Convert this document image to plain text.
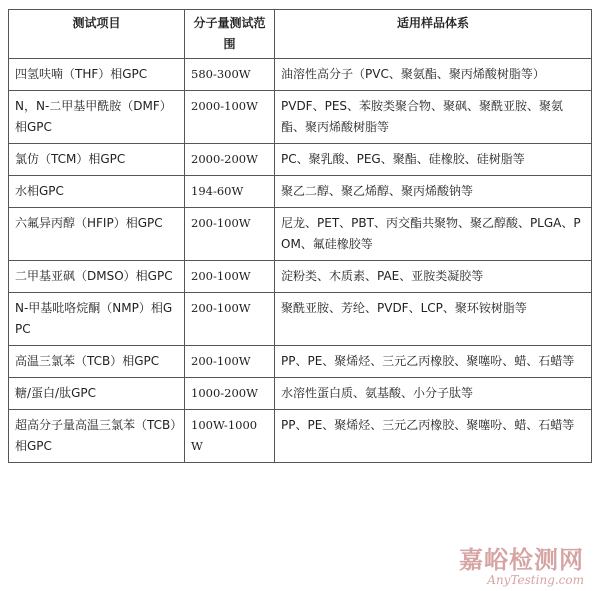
测试项目	分子量测试范围	适用样品体系
四氢呋喃（THF）相GPC	580-300W	油溶性高分子（PVC、聚氨酯、聚丙烯酸树脂等）
N，N-二甲基甲酰胺（DMF）相GPC	2000-100W	PVDF、PES、苯胺类聚合物、聚砜、聚酰亚胺、聚氨酯、聚丙烯酸树脂等
氯仿（TCM）相GPC	2000-200W	PC、聚乳酸、PEG、聚酯、硅橡胶、硅树脂等
水相GPC	194-60W	聚乙二醇、聚乙烯醇、聚丙烯酸钠等
六氟异丙醇（HFIP）相GPC	200-100W	尼龙、PET、PBT、丙交酯共聚物、聚乙醇酸、PLGA、POM、氟硅橡胶等
二甲基亚砜（DMSO）相GPC	200-100W	淀粉类、木质素、PAE、亚胺类凝胶等
N-甲基吡咯烷酮（NMP）相GPC	200-100W	聚酰亚胺、芳纶、PVDF、LCP、聚环铵树脂等
高温三氯苯（TCB）相GPC	200-100W	PP、PE、聚烯烃、三元乙丙橡胶、聚噻吩、蜡、石蜡等
糖/蛋白/肽GPC	1000-200W	水溶性蛋白质、氨基酸、小分子肽等
超高分子量高温三氯苯（TCB）相GPC	100W-1000W	PP、PE、聚烯烃、三元乙丙橡胶、聚噻吩、蜡、石蜡等
嘉峪检测网
AnyTesting.com
